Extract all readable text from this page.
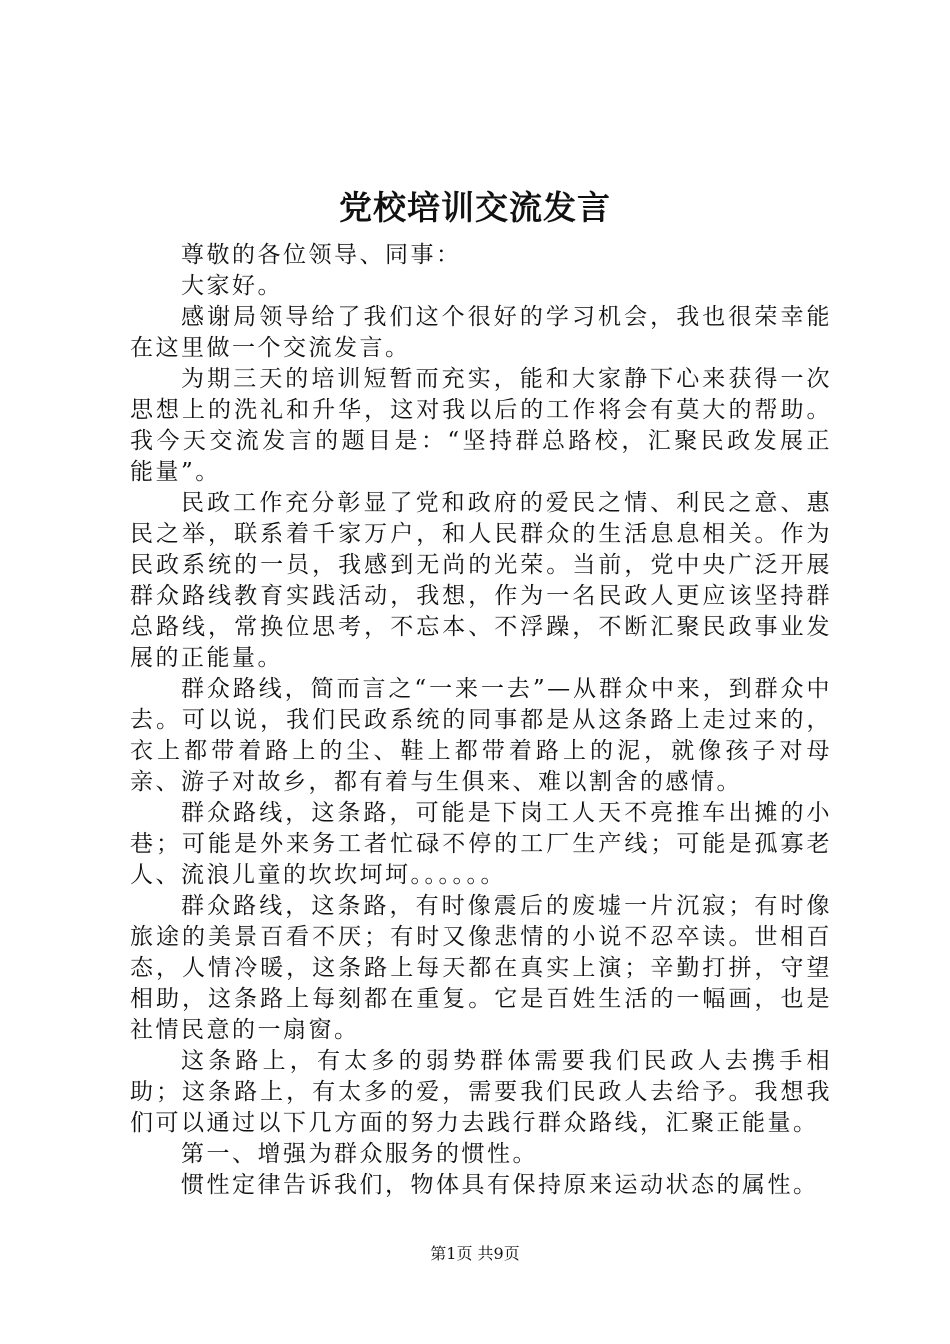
党校培训交流发言

尊敬的各位领导、同事：

大家好。

感谢局领导给了我们这个很好的学习机会，我也很荣幸能在这里做一个交流发言。

为期三天的培训短暂而充实，能和大家静下心来获得一次思想上的洗礼和升华，这对我以后的工作将会有莫大的帮助。我今天交流发言的题目是：“坚持群总路校，汇聚民政发展正能量”。

民政工作充分彰显了党和政府的爱民之情、利民之意、惠民之举，联系着千家万户，和人民群众的生活息息相关。作为民政系统的一员，我感到无尚的光荣。当前，党中央广泛开展群众路线教育实践活动，我想，作为一名民政人更应该坚持群总路线，常换位思考，不忘本、不浮躁，不断汇聚民政事业发展的正能量。

群众路线，简而言之“一来一去”—从群众中来，到群众中去。可以说，我们民政系统的同事都是从这条路上走过来的，衣上都带着路上的尘、鞋上都带着路上的泥，就像孩子对母亲、游子对故乡，都有着与生俱来、难以割舍的感情。

群众路线，这条路，可能是下岗工人天不亮推车出摊的小巷；可能是外来务工者忙碌不停的工厂生产线；可能是孤寡老人、流浪儿童的坎坎坷坷。。。。。。

群众路线，这条路，有时像震后的废墟一片沉寂；有时像旅途的美景百看不厌；有时又像悲情的小说不忍卒读。世相百态，人情冷暖，这条路上每天都在真实上演；辛勤打拼，守望相助，这条路上每刻都在重复。它是百姓生活的一幅画，也是社情民意的一扇窗。

这条路上，有太多的弱势群体需要我们民政人去携手相助；这条路上，有太多的爱，需要我们民政人去给予。我想我们可以通过以下几方面的努力去践行群众路线，汇聚正能量。

第一、增强为群众服务的惯性。

惯性定律告诉我们，物体具有保持原来运动状态的属性。

第1页 共9页
